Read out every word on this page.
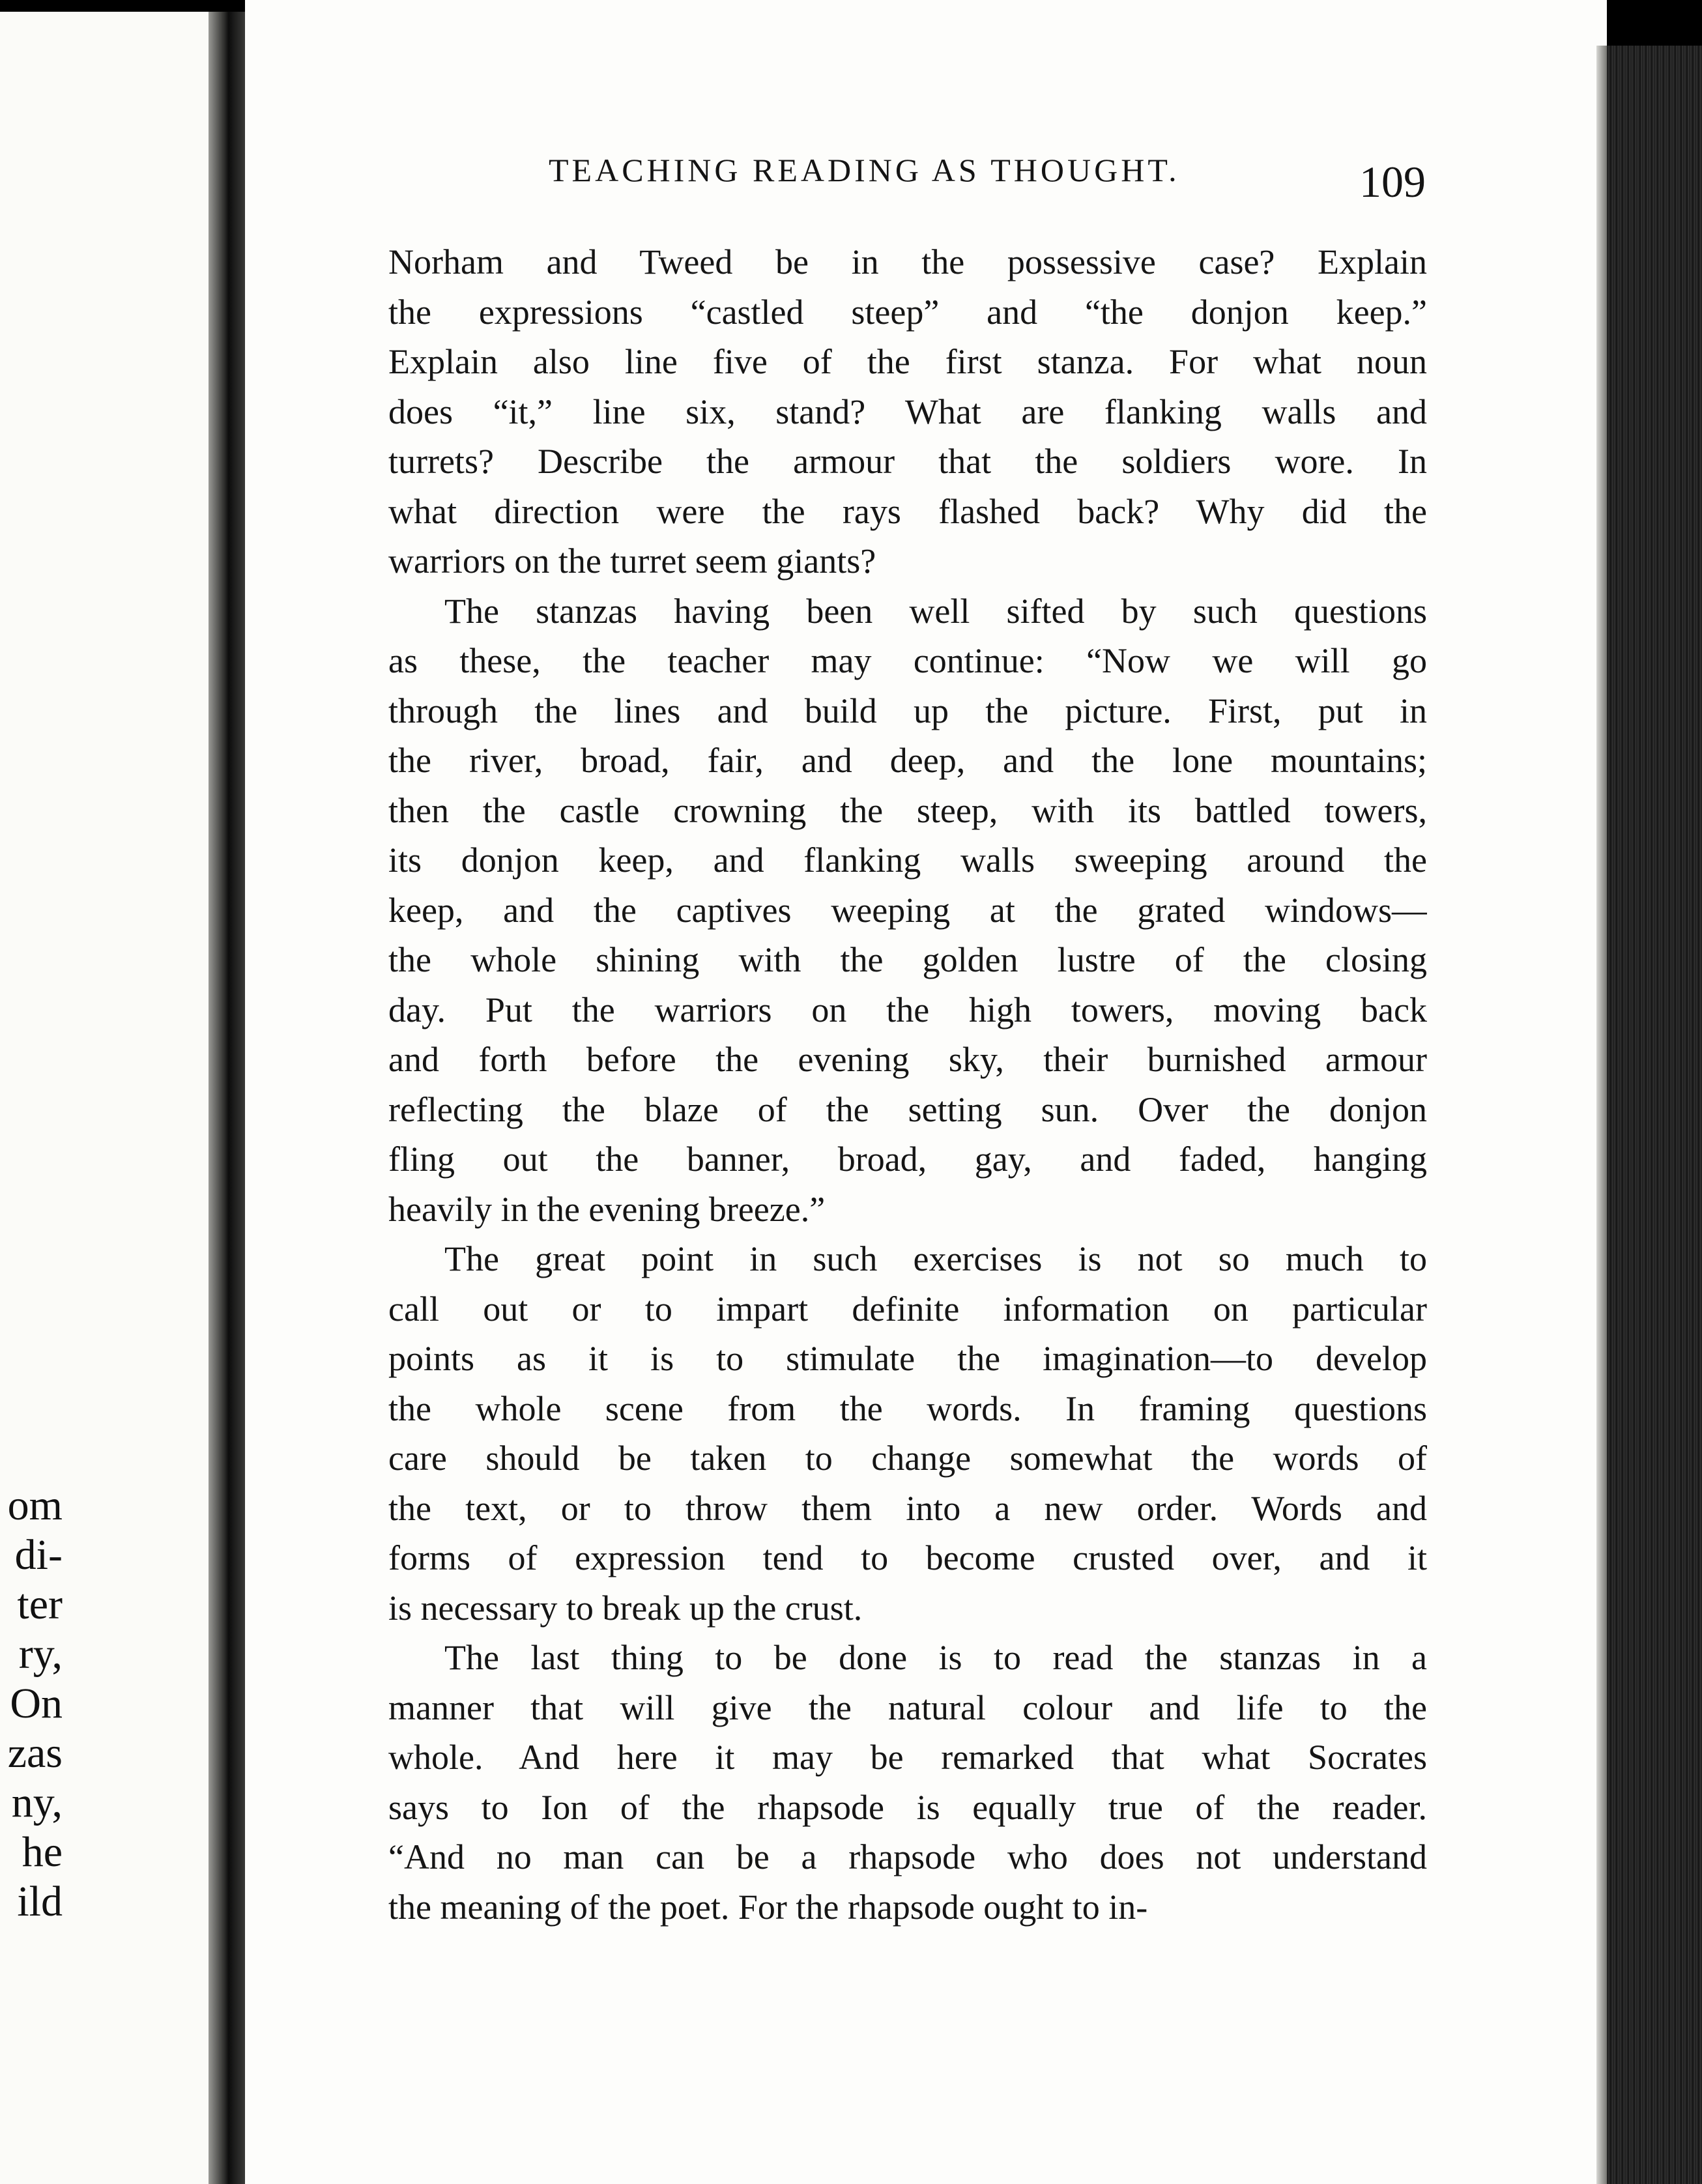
om
di-
ter
ry,
On
zas
ny,
he
ild
TEACHING READING AS THOUGHT.	109
Norham and Tweed be in the possessive case? Explain
the expressions “castled steep” and “the donjon keep.”
Explain also line five of the first stanza. For what noun
does “it,” line six, stand? What are flanking walls and
turrets? Describe the armour that the soldiers wore. In
what direction were the rays flashed back? Why did the
warriors on the turret seem giants?
The stanzas having been well sifted by such questions
as these, the teacher may continue: “Now we will go
through the lines and build up the picture. First, put in
the river, broad, fair, and deep, and the lone mountains;
then the castle crowning the steep, with its battled towers,
its donjon keep, and flanking walls sweeping around the
keep, and the captives weeping at the grated windows—
the whole shining with the golden lustre of the closing
day. Put the warriors on the high towers, moving back
and forth before the evening sky, their burnished armour
reflecting the blaze of the setting sun. Over the donjon
fling out the banner, broad, gay, and faded, hanging
heavily in the evening breeze.”
The great point in such exercises is not so much to
call out or to impart definite information on particular
points as it is to stimulate the imagination—to develop
the whole scene from the words. In framing questions
care should be taken to change somewhat the words of
the text, or to throw them into a new order. Words and
forms of expression tend to become crusted over, and it
is necessary to break up the crust.
The last thing to be done is to read the stanzas in a
manner that will give the natural colour and life to the
whole. And here it may be remarked that what Socrates
says to Ion of the rhapsode is equally true of the reader.
“And no man can be a rhapsode who does not understand
the meaning of the poet. For the rhapsode ought to in-
